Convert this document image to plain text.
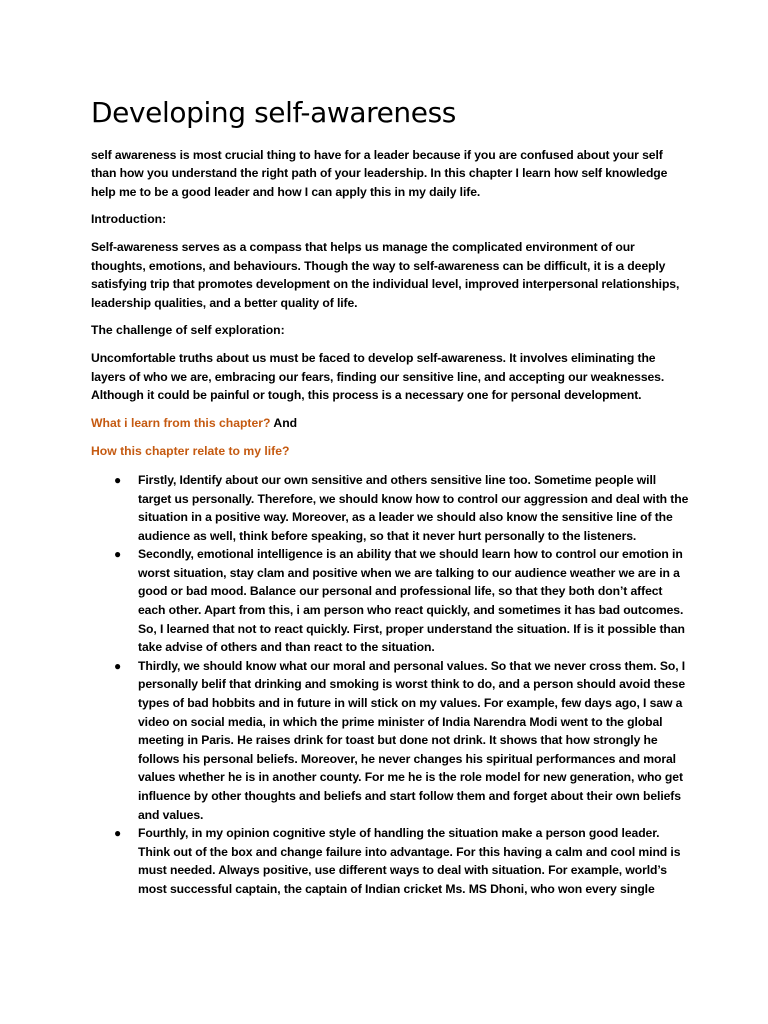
Developing self-awareness

self awareness is most crucial thing to have for a leader because if you are confused about your self than how you understand the right path of your leadership. In this chapter I learn how self knowledge help me to be a good leader and how I can apply this in my daily life.

Introduction:

Self-awareness serves as a compass that helps us manage the complicated environment of our thoughts, emotions, and behaviours. Though the way to self-awareness can be difficult, it is a deeply satisfying trip that promotes development on the individual level, improved interpersonal relationships, leadership qualities, and a better quality of life.

The challenge of self exploration:

Uncomfortable truths about us must be faced to develop self-awareness. It involves eliminating the layers of who we are, embracing our fears, finding our sensitive line, and accepting our weaknesses. Although it could be painful or tough, this process is a necessary one for personal development.

What i learn from this chapter? And

How this chapter relate to my life?

● Firstly, Identify about our own sensitive and others sensitive line too. Sometime people will target us personally. Therefore, we should know how to control our aggression and deal with the situation in a positive way. Moreover, as a leader we should also know the sensitive line of the audience as well, think before speaking, so that it never hurt personally to the listeners.
● Secondly, emotional intelligence is an ability that we should learn how to control our emotion in worst situation, stay clam and positive when we are talking to our audience weather we are in a good or bad mood. Balance our personal and professional life, so that they both don’t affect each other. Apart from this, i am person who react quickly, and sometimes it has bad outcomes. So, I learned that not to react quickly. First, proper understand the situation. If is it possible than take advise of others and than react to the situation.
● Thirdly, we should know what our moral and personal values. So that we never cross them. So, I personally belif that drinking and smoking is worst think to do, and a person should avoid these types of bad hobbits and in future in will stick on my values. For example, few days ago, I saw a video on social media, in which the prime minister of India Narendra Modi went to the global meeting in Paris. He raises drink for toast but done not drink. It shows that how strongly he follows his personal beliefs. Moreover, he never changes his spiritual performances and moral values whether he is in another county. For me he is the role model for new generation, who get influence by other thoughts and beliefs and start follow them and forget about their own beliefs and values.
● Fourthly, in my opinion cognitive style of handling the situation make a person good leader. Think out of the box and change failure into advantage. For this having a calm and cool mind is must needed. Always positive, use different ways to deal with situation. For example, world’s most successful captain, the captain of Indian cricket Ms. MS Dhoni, who won every single
